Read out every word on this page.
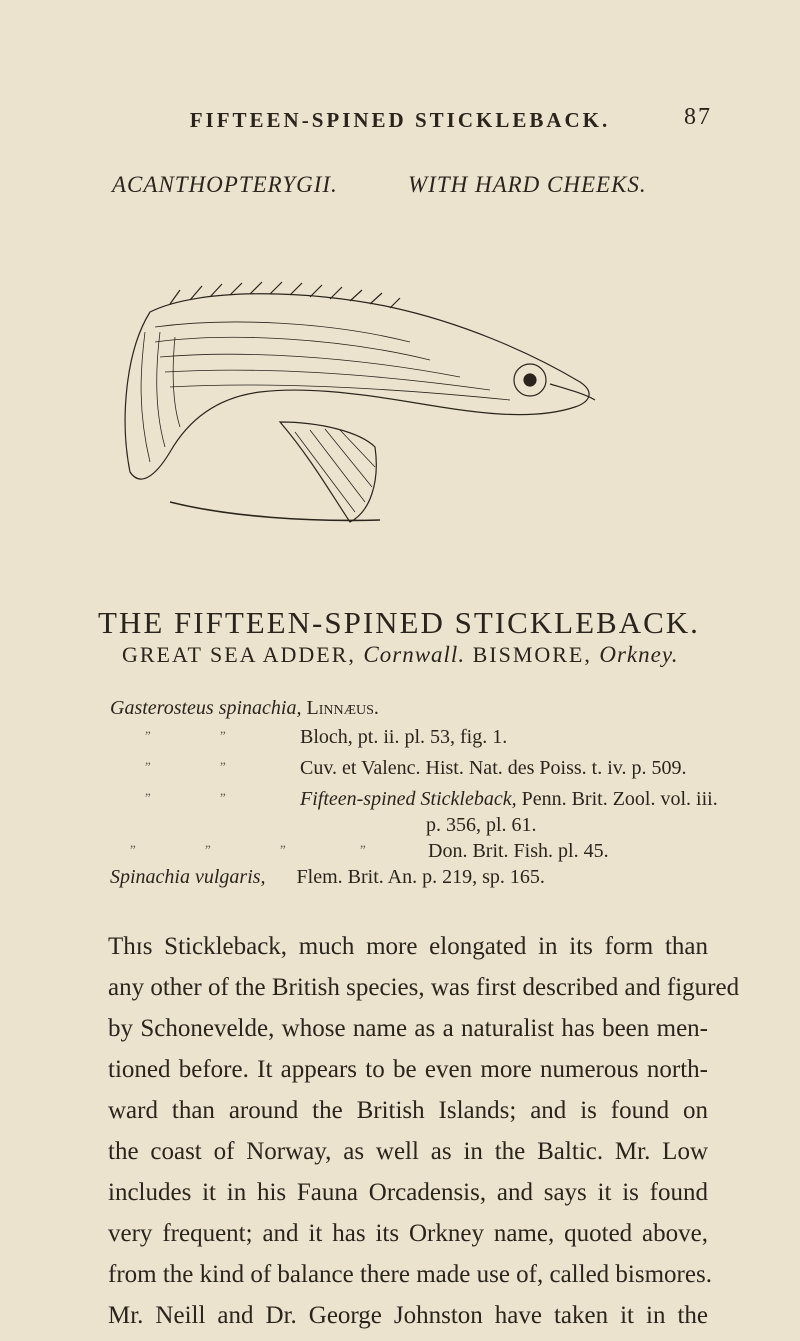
FIFTEEN-SPINED STICKLEBACK.	87
ACANTHOPTERYGII.	WITH HARD CHEEKS.
THE FIFTEEN-SPINED STICKLEBACK.
GREAT SEA ADDER, Cornwall. BISMORE, Orkney.
Gasterosteus spinachia, Linnæus.
”	”	Bloch, pt. ii. pl. 53, fig. 1.
”	”	Cuv. et Valenc. Hist. Nat. des Poiss. t. iv. p. 509.
”	”	Fifteen-spined Stickleback, Penn. Brit. Zool. vol. iii.
p. 356, pl. 61.
”	”	”	”	Don. Brit. Fish. pl. 45.
Spinachia vulgaris, Flem. Brit. An. p. 219, sp. 165.
Thɪs Stickleback, much more elongated in its form than
any other of the British species, was first described and figured
by Schonevelde, whose name as a naturalist has been men-
tioned before. It appears to be even more numerous north-
ward than around the British Islands; and is found on
the coast of Norway, as well as in the Baltic. Mr. Low
includes it in his Fauna Orcadensis, and says it is found
very frequent; and it has its Orkney name, quoted above,
from the kind of balance there made use of, called bismores.
Mr. Neill and Dr. George Johnston have taken it in the
